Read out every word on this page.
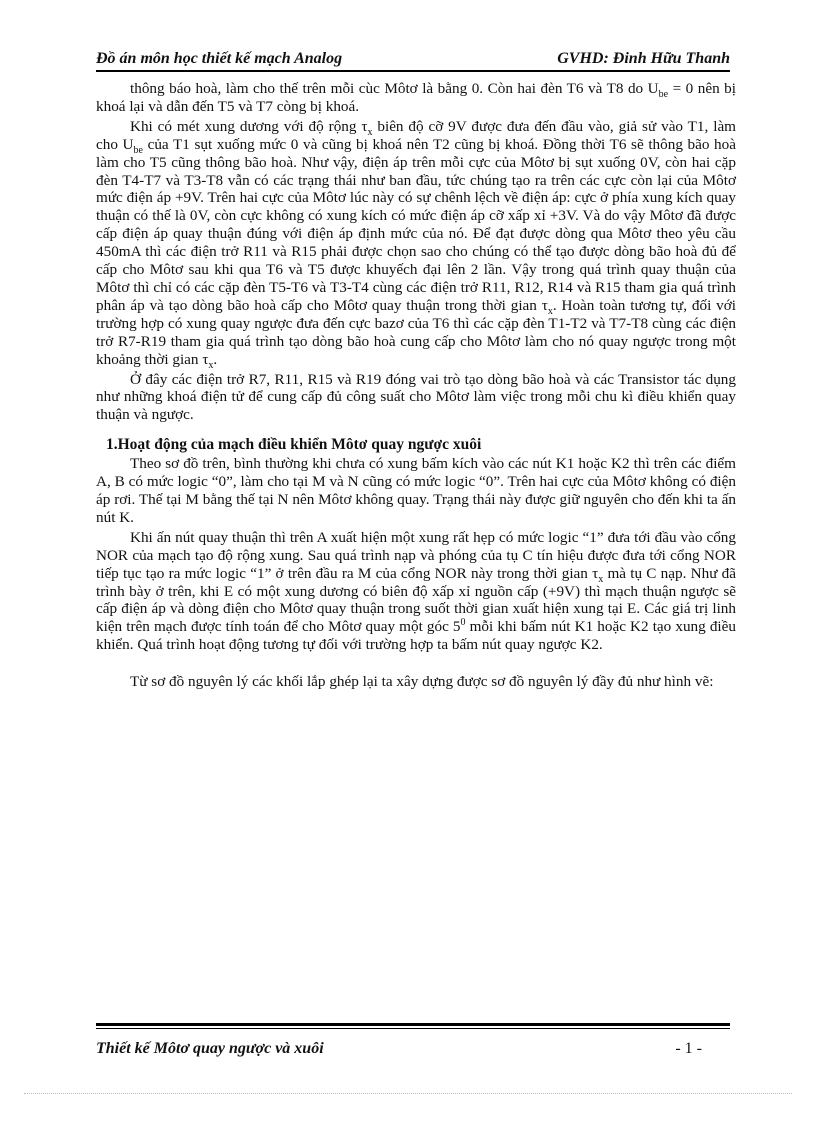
Đồ án môn học thiết kế mạch Analog	GVHD: Đinh Hữu Thanh

thông báo hoà, làm cho thế trên mỗi cùc Môtơ là bằng 0. Còn hai đèn T6 và T8 do $U_{be} = 0$ nên bị khoá lại và dẫn đến T5 và T7 còng bị khoá.

Khi có mét xung dương với độ rộng $\tau_x$ biên độ cỡ 9V được đưa đến đầu vào, giả sử vào T1, làm cho $U_{be}$ của T1 sụt xuống mức 0 và cũng bị khoá nên T2 cũng bị khoá. Đồng thời T6 sẽ thông bão hoà làm cho T5 cũng thông bão hoà. Như vậy, điện áp trên mỗi cực của Môtơ bị sụt xuống 0V, còn hai cặp đèn T4-T7 và T3-T8 vẫn có các trạng thái như ban đầu, tức chúng tạo ra trên các cực còn lại của Môtơ mức điện áp +9V. Trên hai cực của Môtơ lúc này có sự chênh lệch về điện áp: cực ở phía xung kích quay thuận có thế là 0V, còn cực không có xung kích có mức điện áp cỡ xấp xỉ +3V. Và do vậy Môtơ đã được cấp điện áp quay thuận đúng với điện áp định mức của nó. Để đạt được dòng qua Môtơ theo yêu cầu 450mA thì các điện trở R11 và R15 phải được chọn sao cho chúng có thể tạo được dòng bão hoà đủ để cấp cho Môtơ sau khi qua T6 và T5 được khuyếch đại lên 2 lần. Vậy trong quá trình quay thuận của Môtơ thì chỉ có các cặp đèn T5-T6 và T3-T4 cùng các điện trở R11, R12, R14 và R15 tham gia quá trình phân áp và tạo dòng bão hoà cấp cho Môtơ quay thuận trong thời gian $\tau_x$. Hoàn toàn tương tự, đối với trường hợp có xung quay ngược đưa đến cực bazơ của T6 thì các cặp đèn T1-T2 và T7-T8 cùng các điện trở R7-R19 tham gia quá trình tạo dòng bão hoà cung cấp cho Môtơ làm cho nó quay ngược trong một khoảng thời gian $\tau_x$.

Ở đây các điện trở R7, R11, R15 và R19 đóng vai trò tạo dòng bão hoà và các Transistor tác dụng như những khoá điện tử để cung cấp đủ công suất cho Môtơ làm việc trong mỗi chu kì điều khiển quay thuận và ngược.

1.Hoạt động của mạch điều khiển Môtơ quay ngược xuôi

Theo sơ đồ trên, bình thường khi chưa có xung bấm kích vào các nút K1 hoặc K2 thì trên các điểm A, B có mức logic “0”, làm cho tại M và N cũng có mức logic “0”. Trên hai cực của Môtơ không có điện áp rơi. Thế tại M bằng thế tại N nên Môtơ không quay. Trạng thái này được giữ nguyên cho đến khi ta ấn nút K.

Khi ấn nút quay thuận thì trên A xuất hiện một xung rất hẹp có mức logic “1” đưa tới đầu vào cổng NOR của mạch tạo độ rộng xung. Sau quá trình nạp và phóng của tụ C tín hiệu được đưa tới cổng NOR tiếp tục tạo ra mức logic “1” ở trên đầu ra M của cổng NOR này trong thời gian $\tau_x$ mà tụ C nạp. Như đã trình bày ở trên, khi E có một xung dương có biên độ xấp xỉ nguồn cấp (+9V) thì mạch thuận ngược sẽ cấp điện áp và dòng điện cho Môtơ quay thuận trong suốt thời gian xuất hiện xung tại E. Các giá trị linh kiện trên mạch được tính toán để cho Môtơ quay một góc $5^0$ mỗi khi bấm nút K1 hoặc K2 tạo xung điều khiển. Quá trình hoạt động tương tự đối với trường hợp ta bấm nút quay ngược K2.

Từ sơ đồ nguyên lý các khối lắp ghép lại ta xây dựng được sơ đồ nguyên lý đầy đủ như hình vẽ:

Thiết kế Môtơ quay ngược và xuôi	- 1 -
